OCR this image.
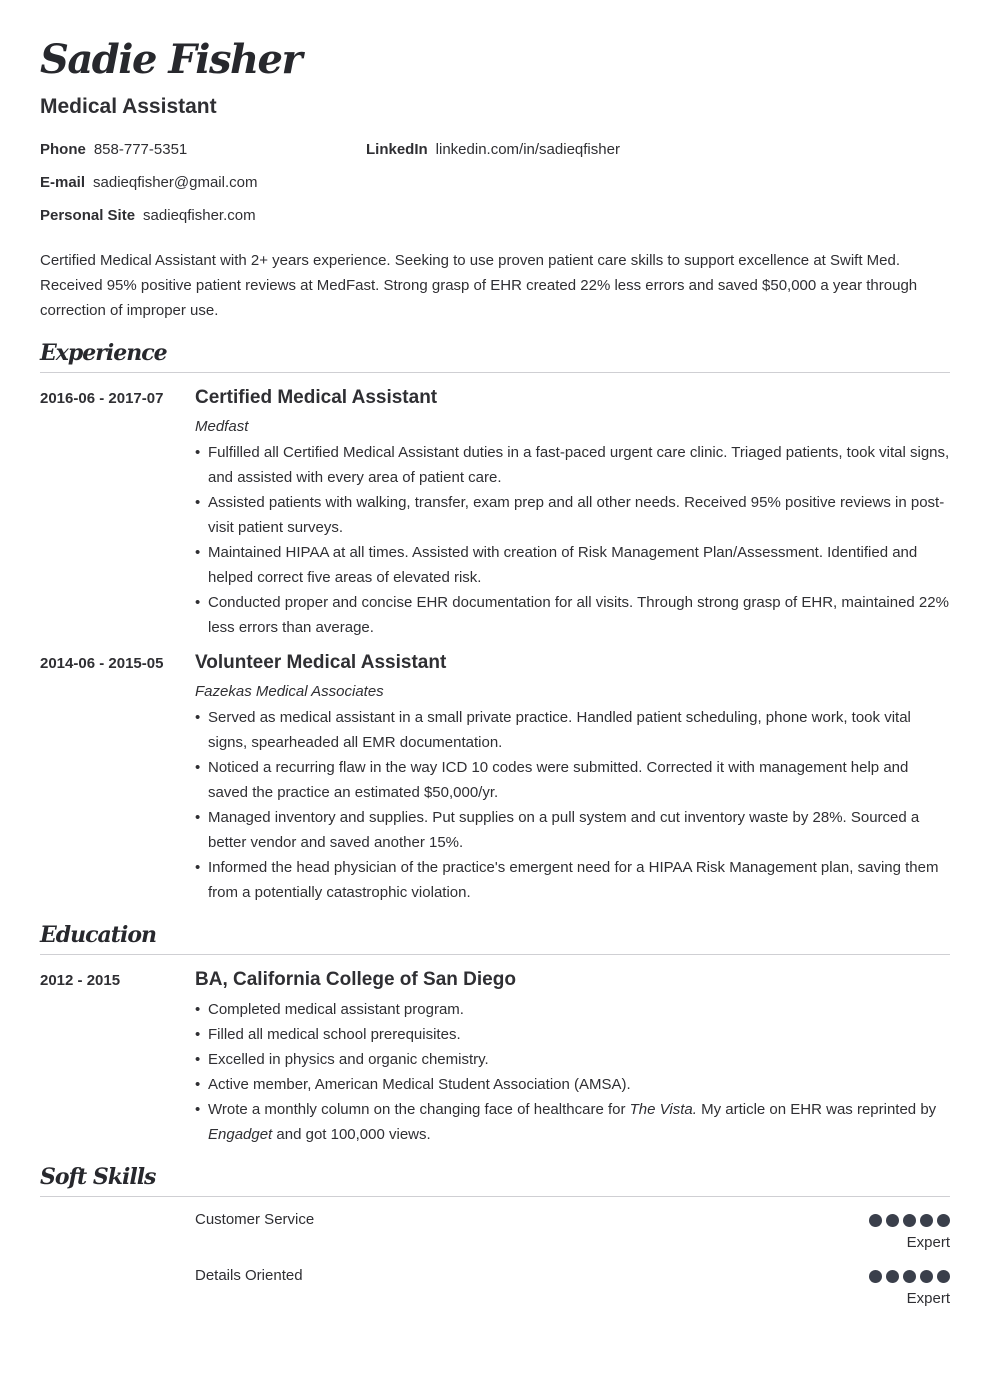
Sadie Fisher
Medical Assistant
Phone 858-777-5351	LinkedIn linkedin.com/in/sadieqfisher
E-mail sadieqfisher@gmail.com
Personal Site sadieqfisher.com

Certified Medical Assistant with 2+ years experience. Seeking to use proven patient care skills to support excellence at Swift Med. Received 95% positive patient reviews at MedFast. Strong grasp of EHR created 22% less errors and saved $50,000 a year through correction of improper use.

Experience
2016-06 - 2017-07 Certified Medical Assistant
Medfast
• Fulfilled all Certified Medical Assistant duties in a fast-paced urgent care clinic. Triaged patients, took vital signs, and assisted with every area of patient care.
• Assisted patients with walking, transfer, exam prep and all other needs. Received 95% positive reviews in post-visit patient surveys.
• Maintained HIPAA at all times. Assisted with creation of Risk Management Plan/Assessment. Identified and helped correct five areas of elevated risk.
• Conducted proper and concise EHR documentation for all visits. Through strong grasp of EHR, maintained 22% less errors than average.
2014-06 - 2015-05 Volunteer Medical Assistant
Fazekas Medical Associates
• Served as medical assistant in a small private practice. Handled patient scheduling, phone work, took vital signs, spearheaded all EMR documentation.
• Noticed a recurring flaw in the way ICD 10 codes were submitted. Corrected it with management help and saved the practice an estimated $50,000/yr.
• Managed inventory and supplies. Put supplies on a pull system and cut inventory waste by 28%. Sourced a better vendor and saved another 15%.
• Informed the head physician of the practice's emergent need for a HIPAA Risk Management plan, saving them from a potentially catastrophic violation.
Education
2012 - 2015	BA, California College of San Diego
• Completed medical assistant program.
• Filled all medical school prerequisites.
• Excelled in physics and organic chemistry.
• Active member, American Medical Student Association (AMSA).
• Wrote a monthly column on the changing face of healthcare for The Vista. My article on EHR was reprinted by Engadget and got 100,000 views.
Soft Skills
Customer Service
Expert
Details Oriented
Expert
